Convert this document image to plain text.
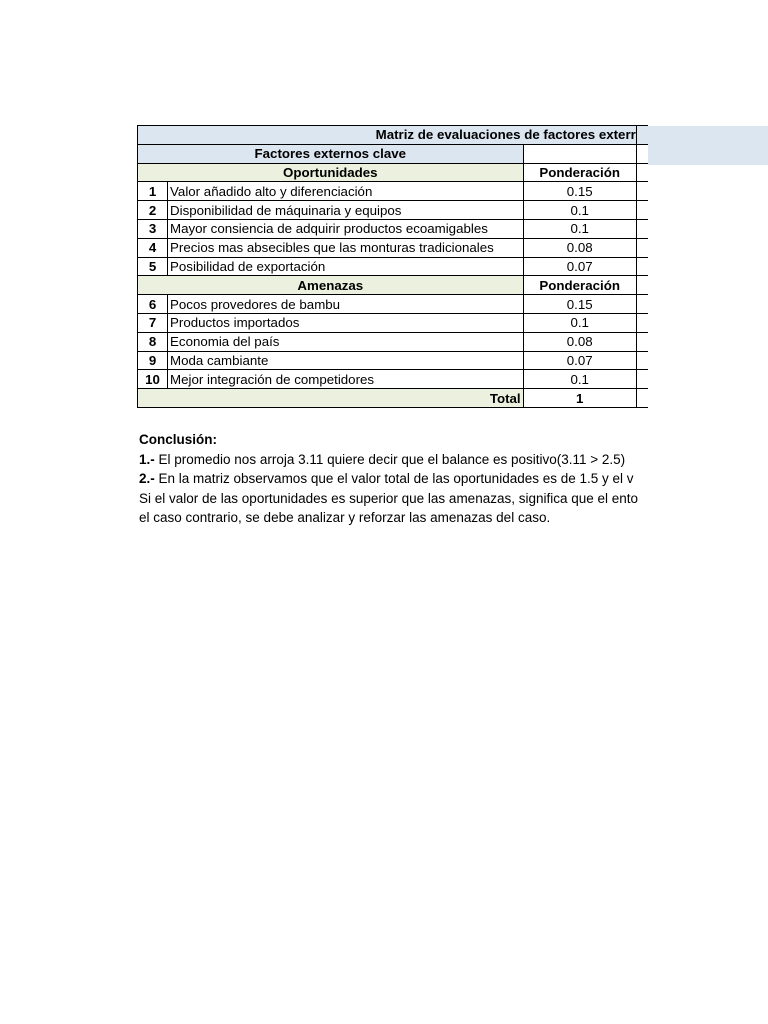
Matriz de evaluaciones de factores exterr			
Factores externos clave			
Oportunidades		Ponderación	
1	Valor añadido alto y diferenciación	0.15	
2	Disponibilidad de máquinaria y equipos	0.1	
3	Mayor consiencia de adquirir productos ecoamigables	0.1	
4	Precios mas absecibles que las monturas tradicionales	0.08	
5	Posibilidad de exportación	0.07	
Amenazas		Ponderación	
6	Pocos provedores de bambu	0.15	
7	Productos importados	0.1	
8	Economia del país	0.08	
9	Moda cambiante	0.07	
10	Mejor integración de competidores	0.1	
Total		1	
Conclusión:
1.- El promedio nos arroja 3.11 quiere decir que el balance es positivo(3.11 > 2.5)
2.- En la matriz observamos que el valor total de las oportunidades es de 1.5 y el v
Si el valor de las oportunidades es superior que las amenazas, significa que el ento
el caso contrario, se debe analizar y reforzar las amenazas del caso.
